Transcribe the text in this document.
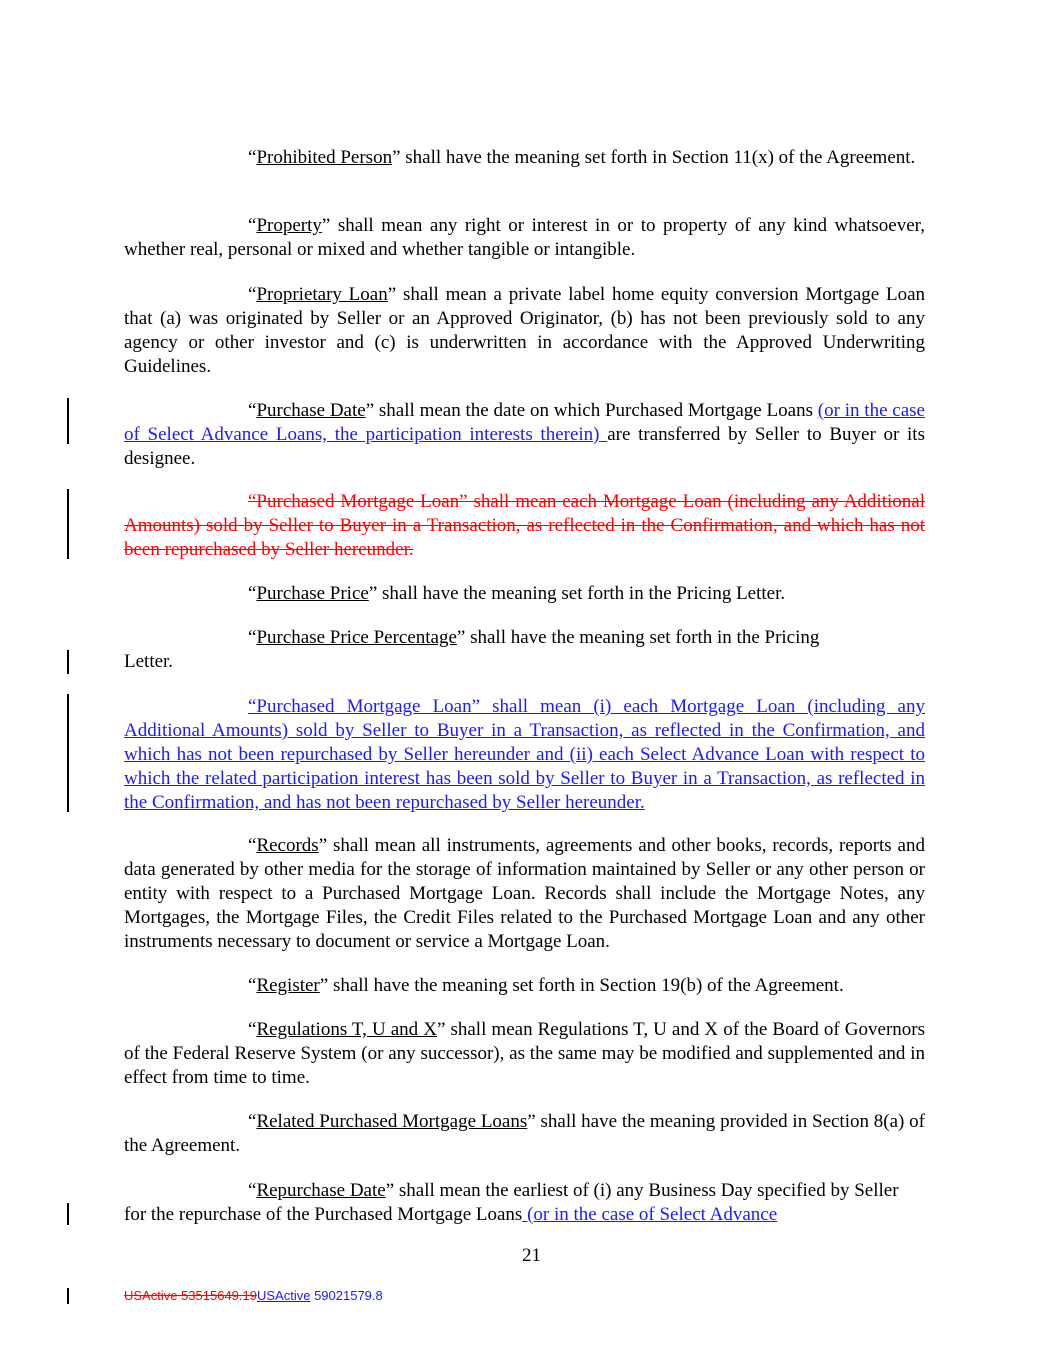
“Prohibited Person” shall have the meaning set forth in Section 11(x) of the Agreement.
“Property” shall mean any right or interest in or to property of any kind whatsoever, whether real, personal or mixed and whether tangible or intangible.
“Proprietary Loan” shall mean a private label home equity conversion Mortgage Loan that (a) was originated by Seller or an Approved Originator, (b) has not been previously sold to any agency or other investor and (c) is underwritten in accordance with the Approved Underwriting Guidelines.
“Purchase Date” shall mean the date on which Purchased Mortgage Loans (or in the case of Select Advance Loans, the participation interests therein) are transferred by Seller to Buyer or its designee.
“Purchased Mortgage Loan” shall mean each Mortgage Loan (including any Additional Amounts) sold by Seller to Buyer in a Transaction, as reflected in the Confirmation, and which has not been repurchased by Seller hereunder.
“Purchase Price” shall have the meaning set forth in the Pricing Letter.
“Purchase Price Percentage” shall have the meaning set forth in the Pricing
Letter.
“Purchased Mortgage Loan” shall mean (i) each Mortgage Loan (including any Additional Amounts) sold by Seller to Buyer in a Transaction, as reflected in the Confirmation, and which has not been repurchased by Seller hereunder and (ii) each Select Advance Loan with respect to which the related participation interest has been sold by Seller to Buyer in a Transaction, as reflected in the Confirmation, and has not been repurchased by Seller hereunder.
“Records” shall mean all instruments, agreements and other books, records, reports and data generated by other media for the storage of information maintained by Seller or any other person or entity with respect to a Purchased Mortgage Loan. Records shall include the Mortgage Notes, any Mortgages, the Mortgage Files, the Credit Files related to the Purchased Mortgage Loan and any other instruments necessary to document or service a Mortgage Loan.
“Register” shall have the meaning set forth in Section 19(b) of the Agreement.
“Regulations T, U and X” shall mean Regulations T, U and X of the Board of Governors of the Federal Reserve System (or any successor), as the same may be modified and supplemented and in effect from time to time.
“Related Purchased Mortgage Loans” shall have the meaning provided in Section 8(a) of the Agreement.
“Repurchase Date” shall mean the earliest of (i) any Business Day specified by Seller for the repurchase of the Purchased Mortgage Loans (or in the case of Select Advance
21
USActive 53515649.19USActive 59021579.8
